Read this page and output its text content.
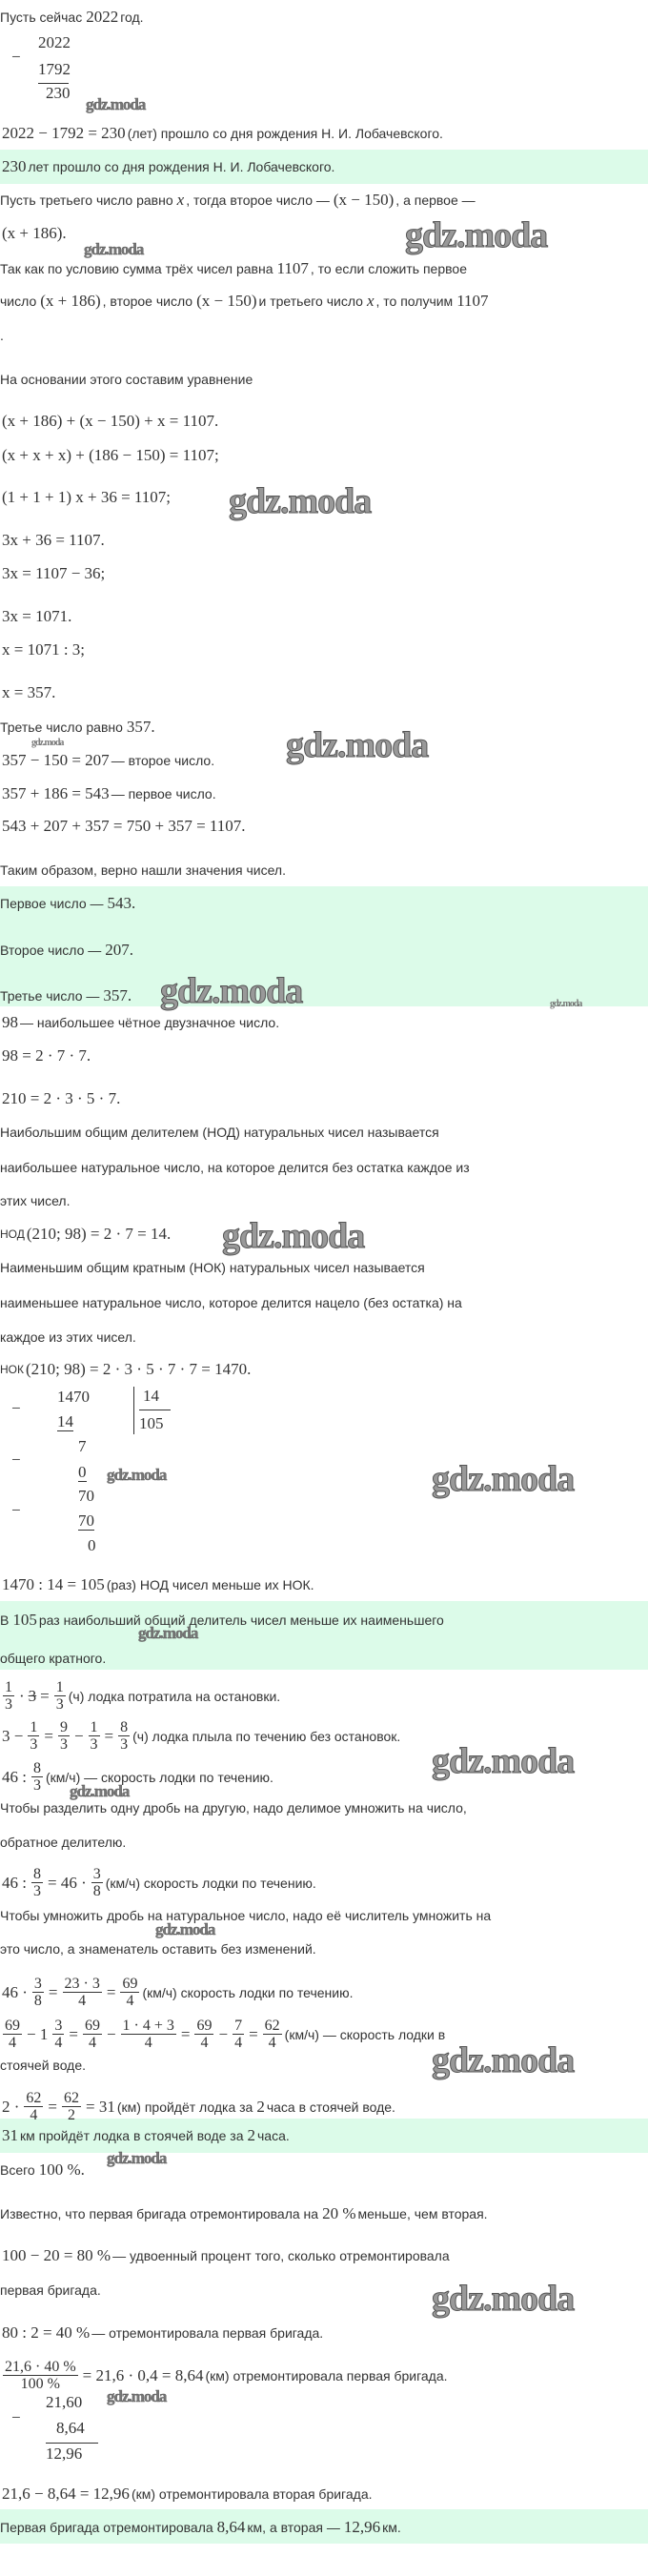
Пусть сейчас 2022 год.
−
2022
1792
230
2022 − 1792 = 230 (лет) прошло со дня рождения Н. И. Лобачевского.
230 лет прошло со дня рождения Н. И. Лобачевского.
Пусть третьего число равно x , тогда второе число — (x − 150) , а первое —
(x + 186).
Так как по условию сумма трёх чисел равна 1107 , то если сложить первое
число (x + 186) , второе число (x − 150) и третьего число x , то получим 1107
.
На основании этого составим уравнение
(x + 186) + (x − 150) + x = 1107.
(x + x + x) + (186 − 150) = 1107;
(1 + 1 + 1) x + 36 = 1107;
3x + 36 = 1107.
3x = 1107 − 36;
3x = 1071.
x = 1071 : 3;
x = 357.
Третье число равно 357.
357 − 150 = 207 — второе число.
357 + 186 = 543 — первое число.
543 + 207 + 357 = 750 + 357 = 1107.
Таким образом, верно нашли значения чисел.
Первое число — 543.
Второе число — 207.
Третье число — 357.
98 — наибольшее чётное двузначное число.
98 = 2 · 7 · 7.
210 = 2 · 3 · 5 · 7.
Наибольшим общим делителем (НОД) натуральных чисел называется
наибольшее натуральное число, на которое делится без остатка каждое из
этих чисел.
НОД (210; 98) = 2 · 7 = 14.
Наименьшим общим кратным (НОК) натуральных чисел называется
наименьшее натуральное число, которое делится нацело (без остатка) на
каждое из этих чисел.
НОК (210; 98) = 2 · 3 · 5 · 7 · 7 = 1470.
−
1470
14
14
105
7
−
0
70
−
70
0
1470 : 14 = 105 (раз) НОД чисел меньше их НОК.
В 105 раз наибольший общий делитель чисел меньше их наименьшего
общего кратного.
$\frac{1}{3} \cdot 3 = \frac{1}{3} (ч)$ лодка потратила на остановки.
$3 - \frac{1}{3} = \frac{9}{3} - \frac{1}{3} = \frac{8}{3} (ч)$ лодка плыла по течению без остановок.
46 : $\frac{8}{3} (км/ч)$ — скорость лодки по течению.
Чтобы разделить одну дробь на другую, надо делимое умножить на число,
обратное делителю.
46 : $\frac{8}{3} = 46 \cdot \frac{3}{8} (км/ч)$ скорость лодки по течению.
Чтобы умножить дробь на натуральное число, надо её числитель умножить на
это число, а знаменатель оставить без изменений.
$46 \cdot \frac{3}{8} = \frac{23 \cdot 3}{4} = \frac{69}{4} (км/ч)$ скорость лодки по течению.
$\frac{69}{4} - 1 \frac{3}{4} = \frac{69}{4} - \frac{1 \cdot 4 + 3}{4} = \frac{69}{4} - \frac{7}{4} = \frac{62}{4} (км/ч)$ — скорость лодки в
стоячей воде.
$2 \cdot \frac{62}{4} = \frac{62}{2} = 31$ (км) пройдёт лодка за 2 часа в стоячей воде.
31 км пройдёт лодка в стоячей воде за 2 часа.
Всего 100 %.
Известно, что первая бригада отремонтировала на 20 % меньше, чем вторая.
100 − 20 = 80 % — удвоенный процент того, сколько отремонтировала
первая бригада.
80 : 2 = 40 % — отремонтировала первая бригада.
$\frac{21,6 \cdot 40 \%}{100 \%} = 21,6 \cdot 0,4 = 8,64$ (км) отремонтировала первая бригада.
−
21,60
8,64
12,96
21,6 − 8,64 = 12,96 (км) отремонтировала вторая бригада.
Первая бригада отремонтировала 8,64 км, а вторая — 12,96 км.
gdz.moda
gdz.moda
gdz.moda
gdz.moda
gdz.moda	gdz.moda
gdz.moda	gdz.moda
gdz.moda
gdz.moda	gdz.moda
gdz.moda
gdz.moda
gdz.moda
gdz.moda
gdz.moda
gdz.moda
gdz.moda
gdz.moda
